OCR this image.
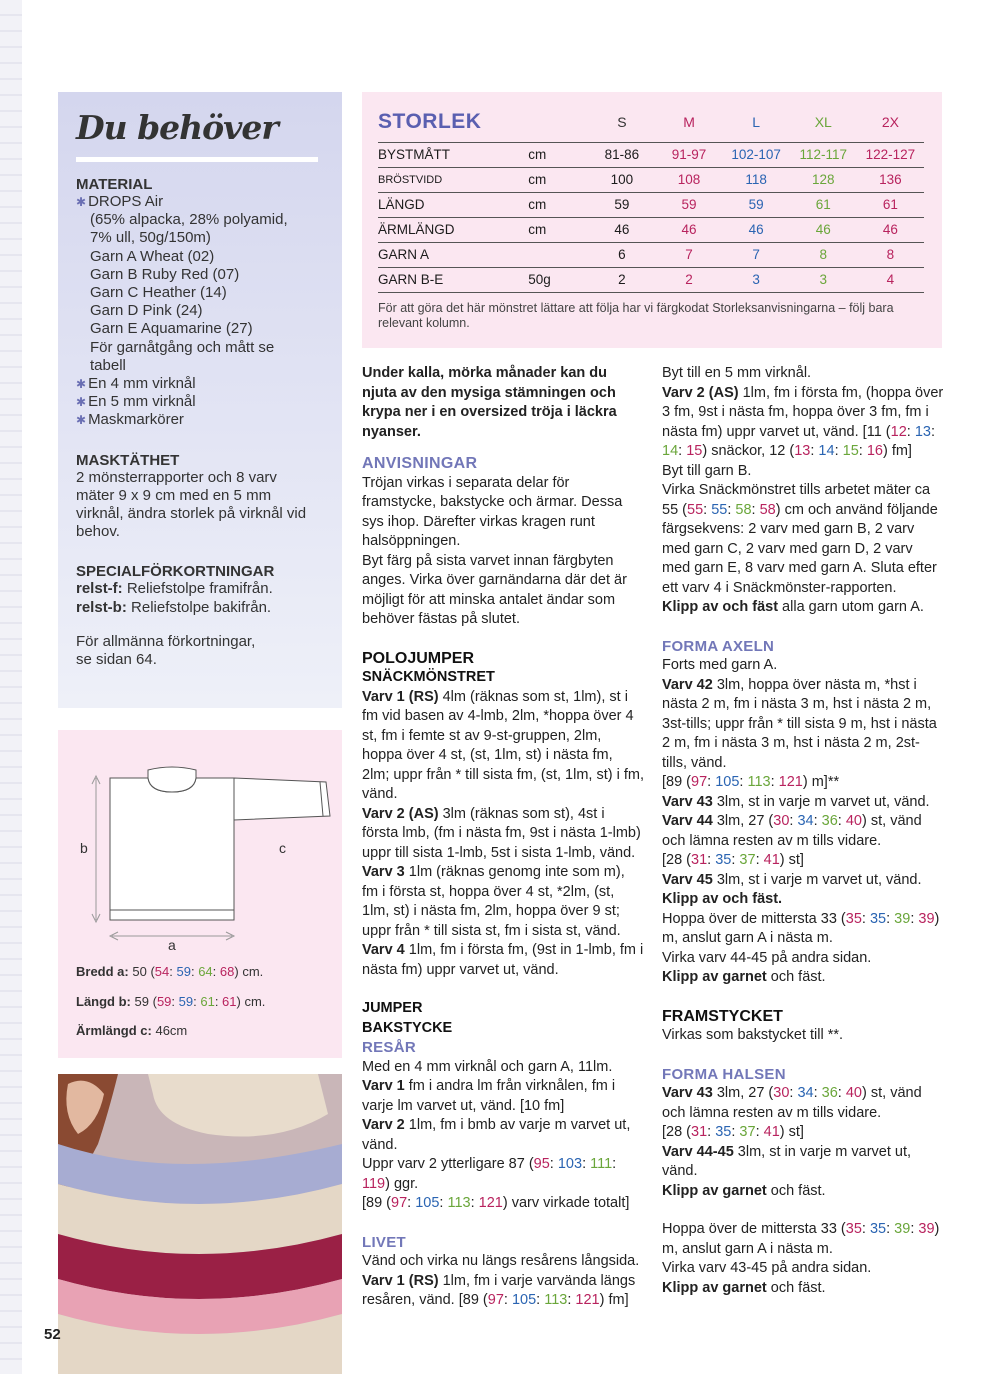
Du behöver
MATERIAL
✱ DROPS Air
(65% alpacka, 28% polyamid,
7% ull, 50g/150m)
Garn A Wheat (02)
Garn B Ruby Red (07)
Garn C Heather (14)
Garn D Pink (24)
Garn E Aquamarine (27)
För garnåtgång och mått se
tabell
✱ En 4 mm virknål
✱ En 5 mm virknål
✱ Maskmarkörer
MASKTÄTHET
2 mönsterrapporter och 8 varv
mäter 9 x 9 cm med en 5 mm
virknål, ändra storlek på virknål vid
behov.
SPECIALFÖRKORTNINGAR
relst-f: Reliefstolpe framifrån.
relst-b: Reliefstolpe bakifrån.
För allmänna förkortningar,
se sidan 64.
STORLEK		S	M	L	XL	2X
BYSTMÅTT	cm	81-86	91-97	102-107	112-117	122-127
BRÖSTVIDD	cm	100	108	118	128	136
LÄNGD	cm	59	59	59	61	61
ÄRMLÄNGD	cm	46	46	46	46	46
GARN A		6	7	7	8	8
GARN B-E	50g	2	2	3	3	4
För att göra det här mönstret lättare att följa har vi färgkodat Storleksanvisningarna – följ bara relevant kolumn.
b	c
a
Bredd a: 50 (54: 59: 64: 68) cm.
Längd b: 59 (59: 59: 61: 61) cm.
Ärmlängd c: 46cm
52

Under kalla, mörka månader kan du njuta av den mysiga stämningen och krypa ner i en oversized tröja i läckra nyanser.

ANVISNINGAR

Tröjan virkas i separata delar för framstycke, bakstycke och ärmar. Dessa sys ihop. Därefter virkas kragen runt halsöppningen.

Byt färg på sista varvet innan färgbyten anges. Virka över garnändarna där det är möjligt för att minska antalet ändar som behöver fästas på slutet.

POLOJUMPER
SNÄCKMÖNSTRET

Varv 1 (RS) 4lm (räknas som st, 1lm), st i fm vid basen av 4-lmb, 2lm, *hoppa över 4 st, fm i femte st av 9-st-gruppen, 2lm, hoppa över 4 st, (st, 1lm, st) i nästa fm, 2lm; uppr från * till sista fm, (st, 1lm, st) i fm, vänd.

Varv 2 (AS) 3lm (räknas som st), 4st i första lmb, (fm i nästa fm, 9st i nästa 1-lmb) uppr till sista 1-lmb, 5st i sista 1-lmb, vänd.

Varv 3 1lm (räknas genomg inte som m), fm i första st, hoppa över 4 st, *2lm, (st, 1lm, st) i nästa fm, 2lm, hoppa över 9 st; uppr från * till sista st, fm i sista st, vänd.

Varv 4 1lm, fm i första fm, (9st in 1-lmb, fm i nästa fm) uppr varvet ut, vänd.

JUMPER
BAKSTYCKE

RESÅR

Med en 4 mm virknål och garn A, 11lm.

Varv 1 fm i andra lm från virknålen, fm i varje lm varvet ut, vänd. [10 fm]

Varv 2 1lm, fm i bmb av varje m varvet ut, vänd.

Uppr varv 2 ytterligare 87 (95: 103: 111: 119) ggr.

[89 (97: 105: 113: 121) varv virkade totalt]

LIVET

Vänd och virka nu längs resårens långsida.

Varv 1 (RS) 1lm, fm i varje varvända längs resåren, vänd. [89 (97: 105: 113: 121) fm]

Byt till en 5 mm virknål.

Varv 2 (AS) 1lm, fm i första fm, (hoppa över 3 fm, 9st i nästa fm, hoppa över 3 fm, fm i nästa fm) uppr varvet ut, vänd. [11 (12: 13: 14: 15) snäckor, 12 (13: 14: 15: 16) fm]

Byt till garn B.

Virka Snäckmönstret tills arbetet mäter ca 55 (55: 55: 58: 58) cm och använd följande färgsekvens: 2 varv med garn B, 2 varv med garn C, 2 varv med garn D, 2 varv med garn E, 8 varv med garn A. Sluta efter ett varv 4 i Snäckmönster-rapporten.

Klipp av och fäst alla garn utom garn A.

FORMA AXELN

Forts med garn A.

Varv 42 3lm, hoppa över nästa m, *hst i nästa 2 m, fm i nästa 3 m, hst i nästa 2 m, 3st-tills; uppr från * till sista 9 m, hst i nästa 2 m, fm i nästa 3 m, hst i nästa 2 m, 2st-tills, vänd.

[89 (97: 105: 113: 121) m]**

Varv 43 3lm, st in varje m varvet ut, vänd.

Varv 44 3lm, 27 (30: 34: 36: 40) st, vänd och lämna resten av m tills vidare.

[28 (31: 35: 37: 41) st]

Varv 45 3lm, st i varje m varvet ut, vänd.

Klipp av och fäst.

Hoppa över de mittersta 33 (35: 35: 39: 39) m, anslut garn A i nästa m.

Virka varv 44-45 på andra sidan.

Klipp av garnet och fäst.

FRAMSTYCKET

Virkas som bakstycket till **.

FORMA HALSEN

Varv 43 3lm, 27 (30: 34: 36: 40) st, vänd och lämna resten av m tills vidare.

[28 (31: 35: 37: 41) st]

Varv 44-45 3lm, st in varje m varvet ut, vänd.

Klipp av garnet och fäst.

Hoppa över de mittersta 33 (35: 35: 39: 39) m, anslut garn A i nästa m.

Virka varv 43-45 på andra sidan.

Klipp av garnet och fäst.
